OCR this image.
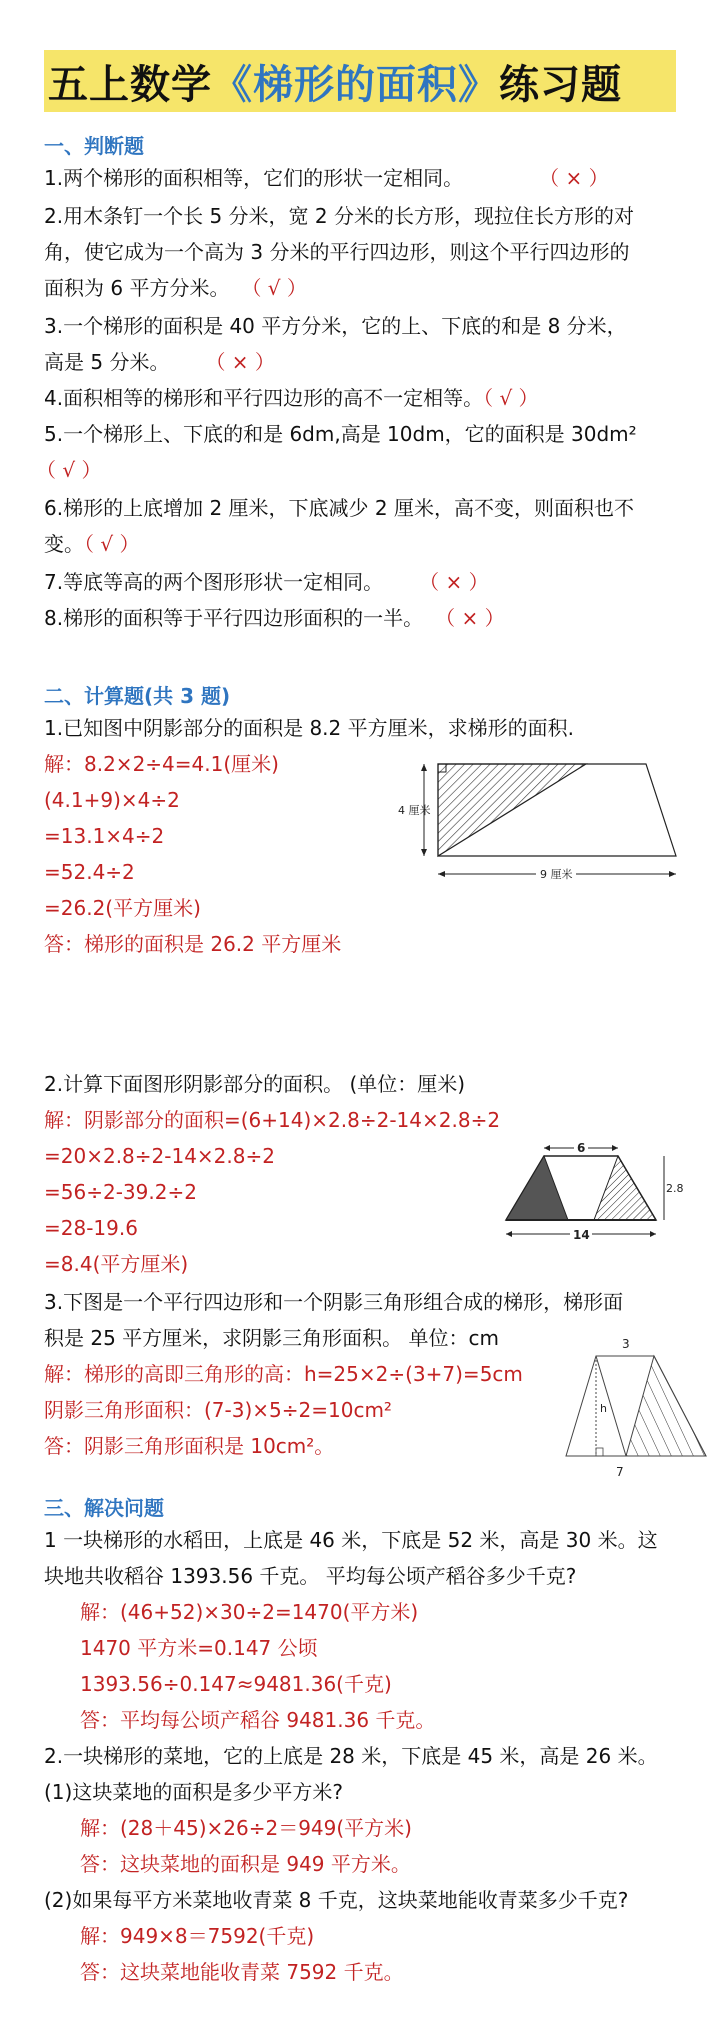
五上数学 《梯形的面积》 练习题
一、判断题
1.两个梯形的面积相等，它们的形状一定相同。	（ × ）
2.用木条钉一个长 5 分米，宽 2 分米的长方形，现拉住长方形的对
角，使它成为一个高为 3 分米的平行四边形，则这个平行四边形的
面积为 6 平方分米。 （ √ ）
3.一个梯形的面积是 40 平方分米，它的上、下底的和是 8 分米，
高是 5 分米。 （ × ）
4.面积相等的梯形和平行四边形的高不一定相等。（ √ ）
5.一个梯形上、下底的和是 6dm,高是 10dm，它的面积是 30dm²
（ √ ）
6.梯形的上底增加 2 厘米，下底减少 2 厘米，高不变，则面积也不
变。（ √ ）
7.等底等高的两个图形形状一定相同。 （ × ）
8.梯形的面积等于平行四边形面积的一半。 （ × ）
二、计算题(共 3 题)
1.已知图中阴影部分的面积是 8.2 平方厘米，求梯形的面积.
解：8.2×2÷4=4.1(厘米)
(4.1+9)×4÷2
=13.1×4÷2
=52.4÷2
=26.2(平方厘米)
答：梯形的面积是 26.2 平方厘米
4 厘米
9 厘米
2.计算下面图形阴影部分的面积。 (单位：厘米)
解：阴影部分的面积=(6+14)×2.8÷2-14×2.8÷2
=20×2.8÷2-14×2.8÷2
=56÷2-39.2÷2
=28-19.6
=8.4(平方厘米)
6
2.8
14
3.下图是一个平行四边形和一个阴影三角形组合成的梯形，梯形面
积是 25 平方厘米，求阴影三角形面积。 单位：cm
解：梯形的高即三角形的高：h=25×2÷(3+7)=5cm
阴影三角形面积：(7-3)×5÷2=10cm²
答：阴影三角形面积是 10cm²。
3
h
7
三、解决问题
1 一块梯形的水稻田，上底是 46 米，下底是 52 米，高是 30 米。这
块地共收稻谷 1393.56 千克。 平均每公顷产稻谷多少千克?
解：(46+52)×30÷2=1470(平方米)
1470 平方米=0.147 公顷
1393.56÷0.147≈9481.36(千克)
答：平均每公顷产稻谷 9481.36 千克。
2.一块梯形的菜地，它的上底是 28 米，下底是 45 米，高是 26 米。
(1)这块菜地的面积是多少平方米?
解：(28＋45)×26÷2＝949(平方米)
答：这块菜地的面积是 949 平方米。
(2)如果每平方米菜地收青菜 8 千克，这块菜地能收青菜多少千克?
解：949×8＝7592(千克)
答：这块菜地能收青菜 7592 千克。
